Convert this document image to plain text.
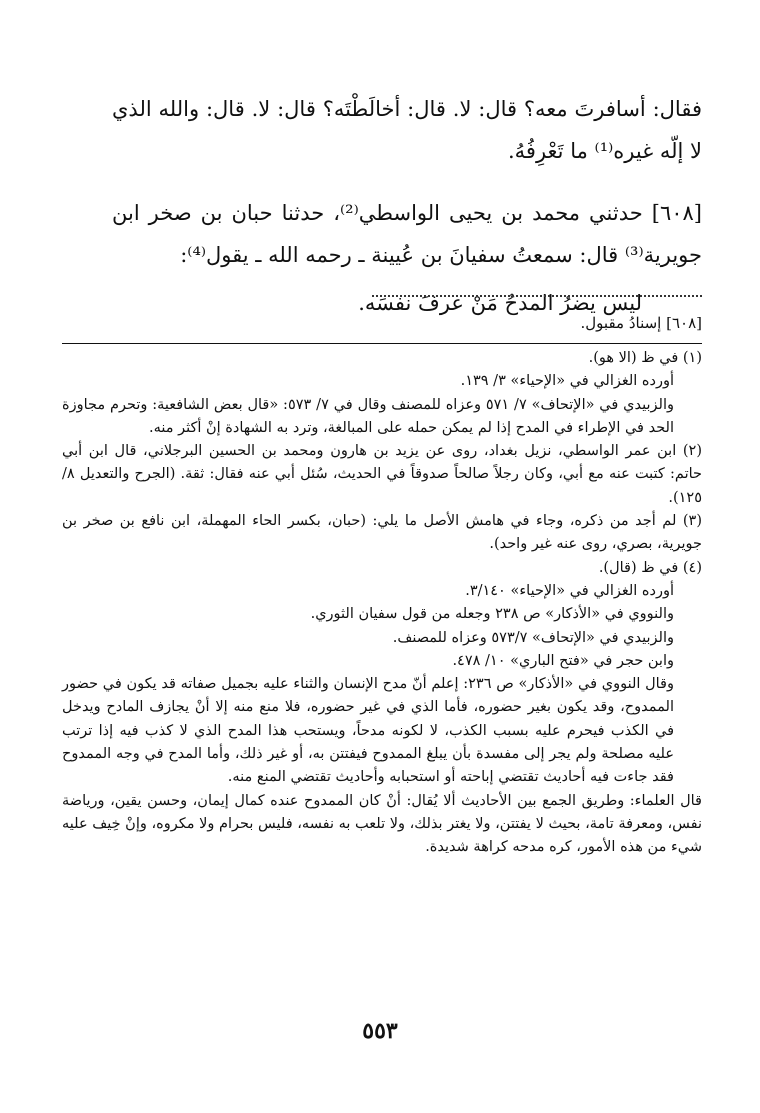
فقال: أسافرتَ معه؟ قال: لا. قال: أخالَطْتَه؟ قال: لا. قال: والله الذي لا إلّه غيره⁽¹⁾ ما تَعْرِفُهُ.

[٦٠٨] حدثني محمد بن يحيى الواسطي⁽²⁾، حدثنا حبان بن صخر ابن جويرية⁽³⁾ قال: سمعتُ سفيانَ بن عُيينة ـ رحمه الله ـ يقول⁽⁴⁾:

ليس يضرُ المدحُ مَنْ عرفَ نفسَه.

[٦٠٨] إسنادُ مقبول.

(١) في ظ (الا هو).

أورده الغزالي في «الإحياء» ٣/ ١٣٩.

والزبيدي في «الإتحاف» ٧/ ٥٧١ وعزاه للمصنف وقال في ٧/ ٥٧٣: «قال بعض الشافعية: وتحرم مجاوزة الحد في الإطراء في المدح إذا لم يمكن حمله على المبالغة، وترد به الشهادة إنْ أكثر منه.

(٢) ابن عمر الواسطي، نزيل بغداد، روى عن يزيد بن هارون ومحمد بن الحسين البرجلاني، قال ابن أبي حاتم: كتبت عنه مع أبي، وكان رجلاً صالحاً صدوقاً في الحديث، سُئل أبي عنه فقال: ثقة. (الجرح والتعديل ٨/ ١٢٥).

(٣) لم أجد من ذكره، وجاء في هامش الأصل ما يلي: (حبان، بكسر الحاء المهملة، ابن نافع بن صخر بن جويرية، بصري، روى عنه غير واحد).

(٤) في ظ (قال).

أورده الغزالي في «الإحياء» ٣/١٤٠.

والنووي في «الأذكار» ص ٢٣٨ وجعله من قول سفيان الثوري.

والزبيدي في «الإتحاف» ٥٧٣/٧ وعزاه للمصنف.

وابن حجر في «فتح الباري» ١٠/ ٤٧٨.

وقال النووي في «الأذكار» ص ٢٣٦: إعلم أنّ مدح الإنسان والثناء عليه بجميل صفاته قد يكون في حضور الممدوح، وقد يكون بغير حضوره، فأما الذي في غير حضوره، فلا منع منه إلا أنْ يجازف المادح ويدخل في الكذب فيحرم عليه بسبب الكذب، لا لكونه مدحاً، ويستحب هذا المدح الذي لا كذب فيه إذا ترتب عليه مصلحة ولم يجر إلى مفسدة بأن يبلغ الممدوح فيفتتن به، أو غير ذلك، وأما المدح في وجه الممدوح فقد جاءت فيه أحاديث تقتضي إباحته أو استحبابه وأحاديث تقتضي المنع منه.

قال العلماء: وطريق الجمع بين الأحاديث ألا يُقال: أنْ كان الممدوح عنده كمال إيمان، وحسن يقين، ورياضة نفس، ومعرفة تامة، بحيث لا يفتتن، ولا يغتر بذلك، ولا تلعب به نفسه، فليس بحرام ولا مكروه، وإنْ خِيف عليه شيء من هذه الأمور، كره مدحه كراهة شديدة.

٥٥٣
